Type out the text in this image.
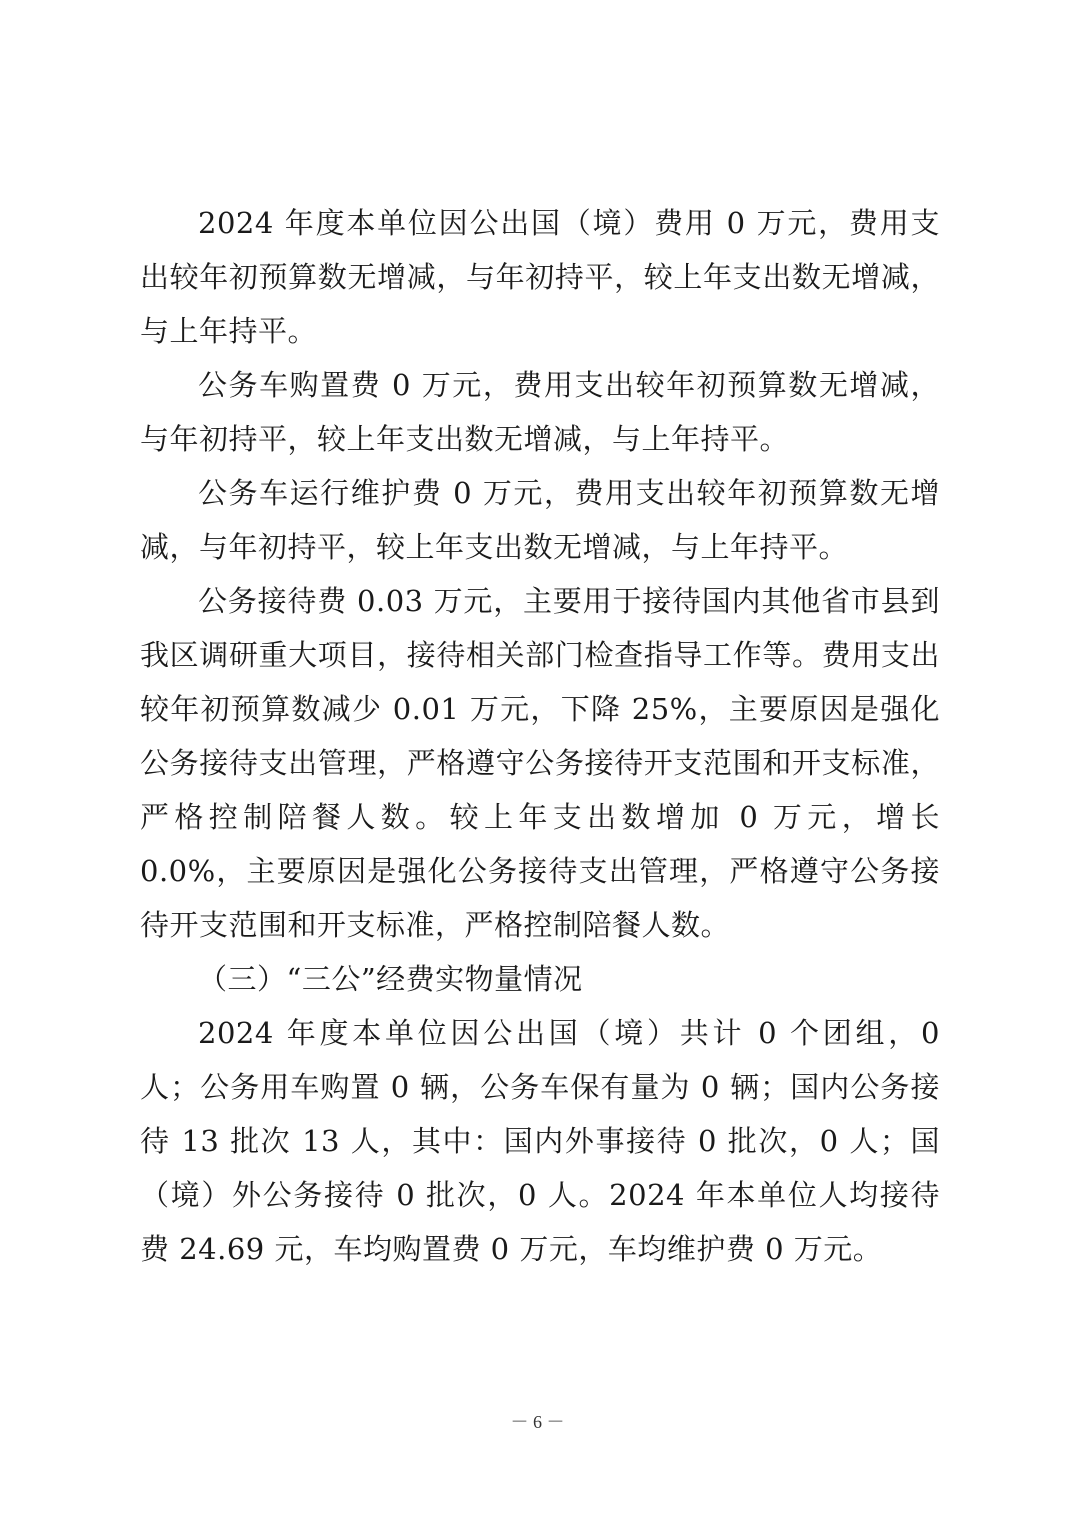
2024 年度本单位因公出国（境）费用 0 万元，费用支出较年初预算数无增减，与年初持平，较上年支出数无增减，与上年持平。

公务车购置费 0 万元，费用支出较年初预算数无增减，与年初持平，较上年支出数无增减，与上年持平。

公务车运行维护费 0 万元，费用支出较年初预算数无增减，与年初持平，较上年支出数无增减，与上年持平。

公务接待费 0.03 万元，主要用于接待国内其他省市县到我区调研重大项目，接待相关部门检查指导工作等。费用支出较年初预算数减少 0.01 万元，下降 25%，主要原因是强化公务接待支出管理，严格遵守公务接待开支范围和开支标准，严格控制陪餐人数。较上年支出数增加 0 万元，增长 0.0%，主要原因是强化公务接待支出管理，严格遵守公务接待开支范围和开支标准，严格控制陪餐人数。

（三）“三公”经费实物量情况

2024 年度本单位因公出国（境）共计 0 个团组，0 人；公务用车购置 0 辆，公务车保有量为 0 辆；国内公务接待 13 批次 13 人，其中：国内外事接待 0 批次，0 人；国（境）外公务接待 0 批次，0 人。2024 年本单位人均接待费 24.69 元，车均购置费 0 万元，车均维护费 0 万元。

－ 6 －
